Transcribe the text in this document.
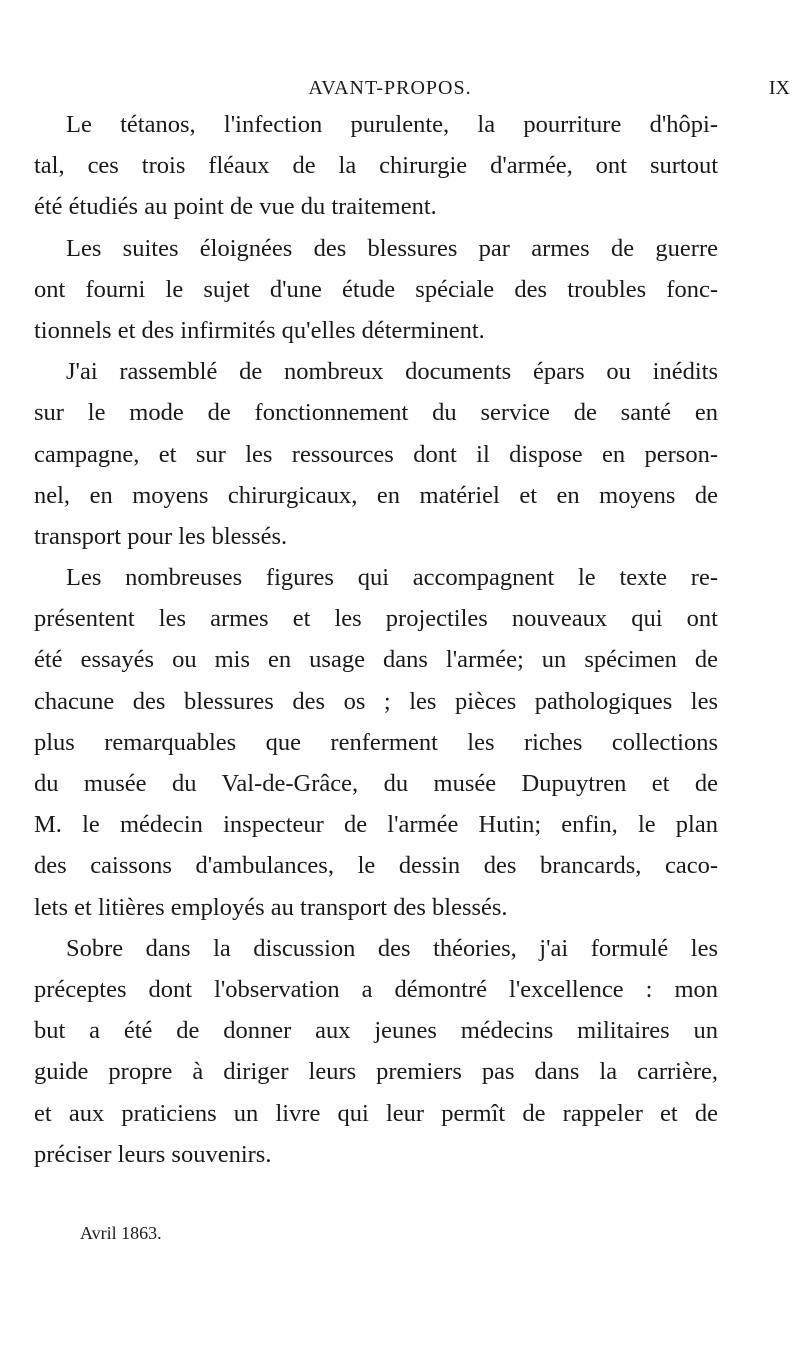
AVANT-PROPOS.	IX
Le tétanos, l'infection purulente, la pourriture d'hôpi-
tal, ces trois fléaux de la chirurgie d'armée, ont surtout
été étudiés au point de vue du traitement.
Les suites éloignées des blessures par armes de guerre
ont fourni le sujet d'une étude spéciale des troubles fonc-
tionnels et des infirmités qu'elles déterminent.
J'ai rassemblé de nombreux documents épars ou inédits
sur le mode de fonctionnement du service de santé en
campagne, et sur les ressources dont il dispose en person-
nel, en moyens chirurgicaux, en matériel et en moyens de
transport pour les blessés.
Les nombreuses figures qui accompagnent le texte re-
présentent les armes et les projectiles nouveaux qui ont
été essayés ou mis en usage dans l'armée; un spécimen de
chacune des blessures des os ; les pièces pathologiques les
plus remarquables que renferment les riches collections
du musée du Val-de-Grâce, du musée Dupuytren et de
M. le médecin inspecteur de l'armée Hutin; enfin, le plan
des caissons d'ambulances, le dessin des brancards, caco-
lets et litières employés au transport des blessés.
Sobre dans la discussion des théories, j'ai formulé les
préceptes dont l'observation a démontré l'excellence : mon
but a été de donner aux jeunes médecins militaires un
guide propre à diriger leurs premiers pas dans la carrière,
et aux praticiens un livre qui leur permît de rappeler et de
préciser leurs souvenirs.
Avril 1863.
